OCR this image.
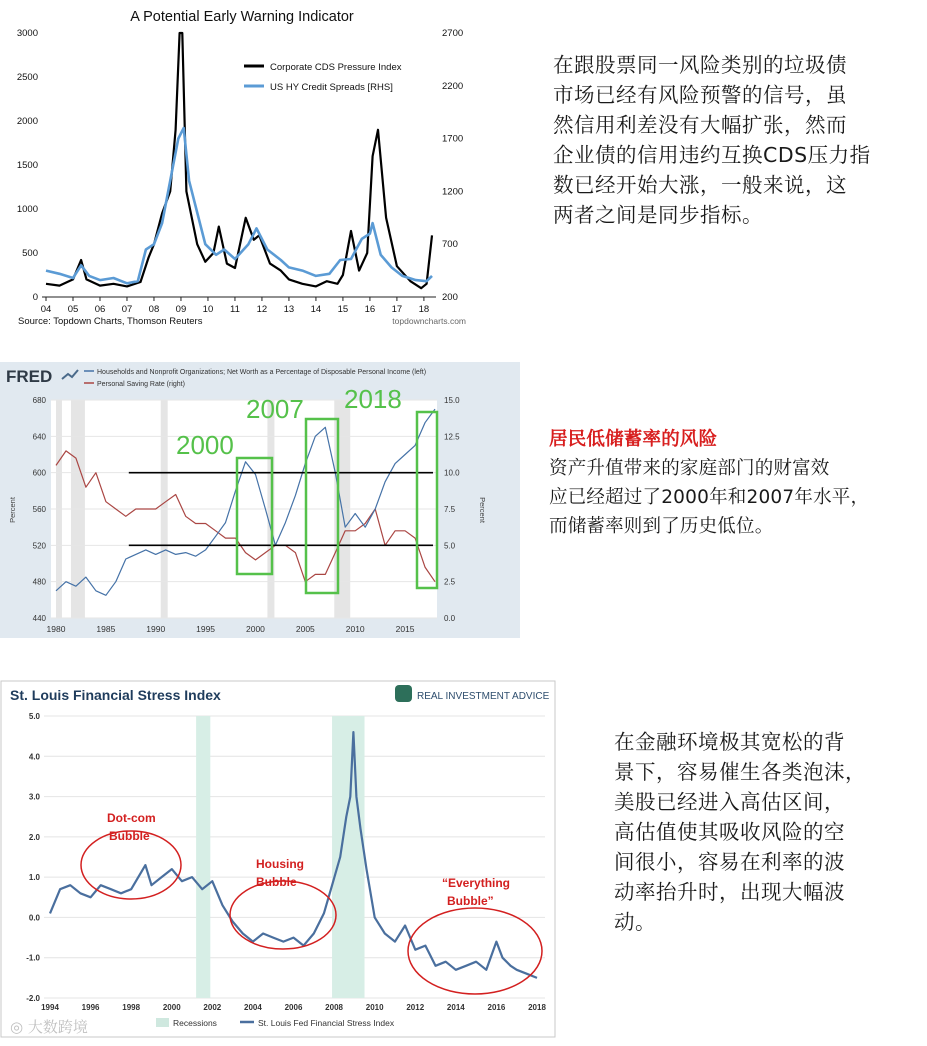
A Potential Early Warning Indicator
0
500
1000
1500
2000
2500
3000
200
700
1200
1700
2200
2700
04 05 06 07 08 09 10 11 12 13 14 15 16 17 18
Corporate CDS Pressure Index
US HY Credit Spreads [RHS]
Source: Topdown Charts, Thomson Reuters	topdowncharts.com
FRED	Households and Nonprofit Organizations; Net Worth as a Percentage of Disposable Personal Income (left)
Personal Saving Rate (right)
440
480
520
560
600
640
680
0.0
2.5
5.0
7.5
10.0
12.5
15.0
1980	1985	1990	1995	2000	2005	2010	2015
Percent	Percent
2000
2007 2018
St. Louis Financial Stress Index	REAL INVESTMENT ADVICE
-2.0
-1.0
0.0
1.0
2.0
3.0
4.0
5.0
1994	1996	1998	2000	2002	2004	2006	2008	2010	2012	2014	2016	2018
Dot-com
Bubble
Housing
Bubble	“Everything
Bubble”
Recessions	St. Louis Fed Financial Stress Index
在跟股票同一风险类别的垃圾债
市场已经有风险预警的信号，虽
然信用利差没有大幅扩张，然而
企业债的信用违约互换CDS压力指
数已经开始大涨，一般来说，这
两者之间是同步指标。
居民低储蓄率的风险
资产升值带来的家庭部门的财富效
应已经超过了2000年和2007年水平，
而储蓄率则到了历史低位。
在金融环境极其宽松的背
景下，容易催生各类泡沫，
美股已经进入高估区间，
高估值使其吸收风险的空
间很小，容易在利率的波
动率抬升时，出现大幅波
动。
◎ 大数跨境
